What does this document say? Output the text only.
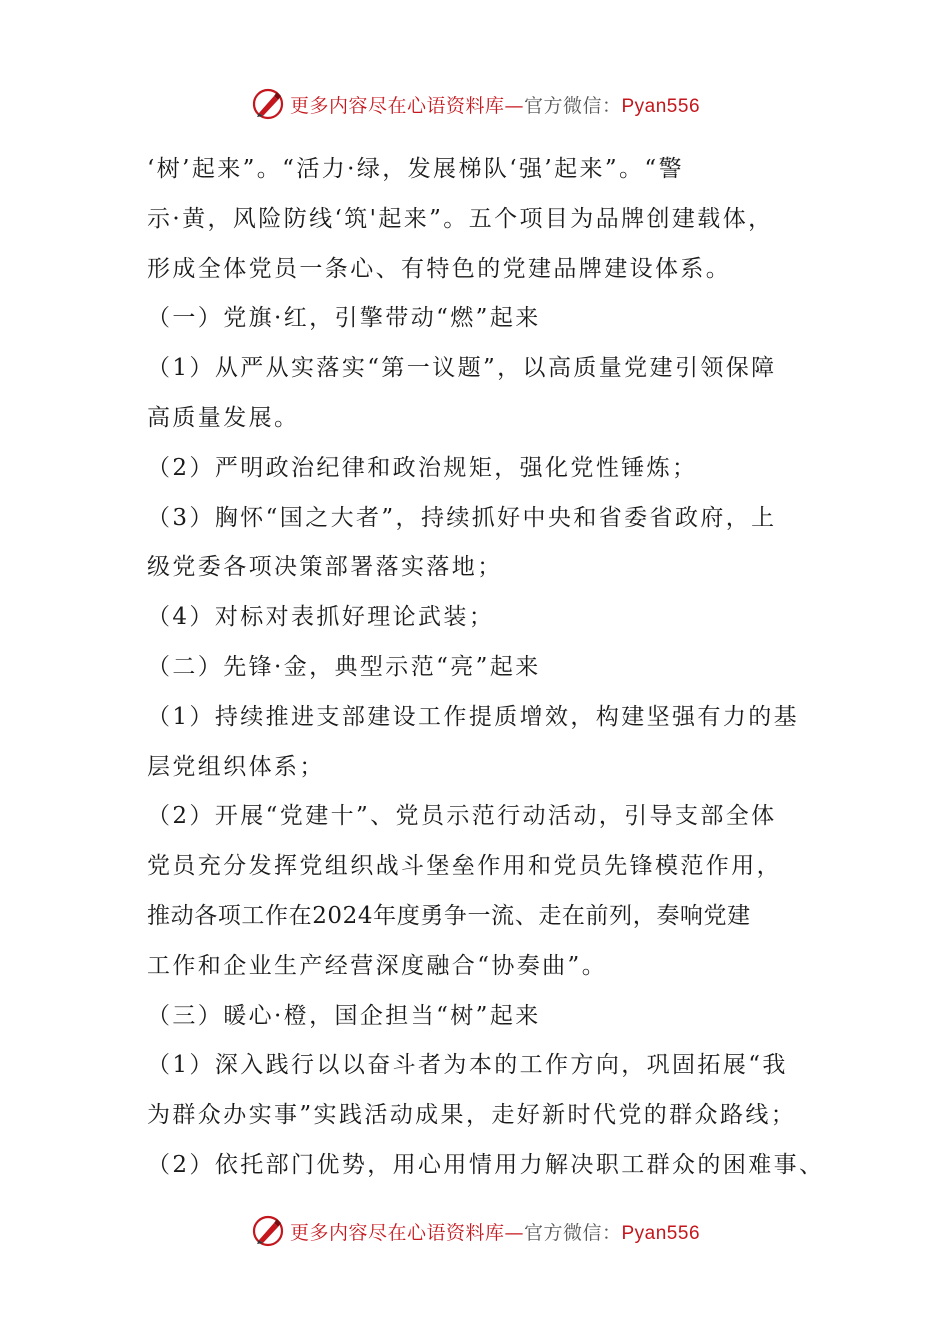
更多内容尽在心语资料库—官方微信：Pyan556
‘树’起来”。“活力·绿，发展梯队‘强’起来”。“警
示·黄，风险防线‘筑'起来”。五个项目为品牌创建载体，
形成全体党员一条心、有特色的党建品牌建设体系。
（一）党旗·红，引擎带动“燃”起来
（1）从严从实落实“第一议题”，以高质量党建引领保障
高质量发展。
（2）严明政治纪律和政治规矩，强化党性锤炼；
（3）胸怀“国之大者”，持续抓好中央和省委省政府，上
级党委各项决策部署落实落地；
（4）对标对表抓好理论武装；
（二）先锋·金，典型示范“亮”起来
（1）持续推进支部建设工作提质增效，构建坚强有力的基
层党组织体系；
（2）开展“党建十”、党员示范行动活动，引导支部全体
党员充分发挥党组织战斗堡垒作用和党员先锋模范作用，
推动各项工作在2024年度勇争一流、走在前列，奏响党建
工作和企业生产经营深度融合“协奏曲”。
（三）暖心·橙，国企担当“树”起来
（1）深入践行以以奋斗者为本的工作方向，巩固拓展“我
为群众办实事”实践活动成果，走好新时代党的群众路线；
（2）依托部门优势，用心用情用力解决职工群众的困难事、
更多内容尽在心语资料库—官方微信：Pyan556
